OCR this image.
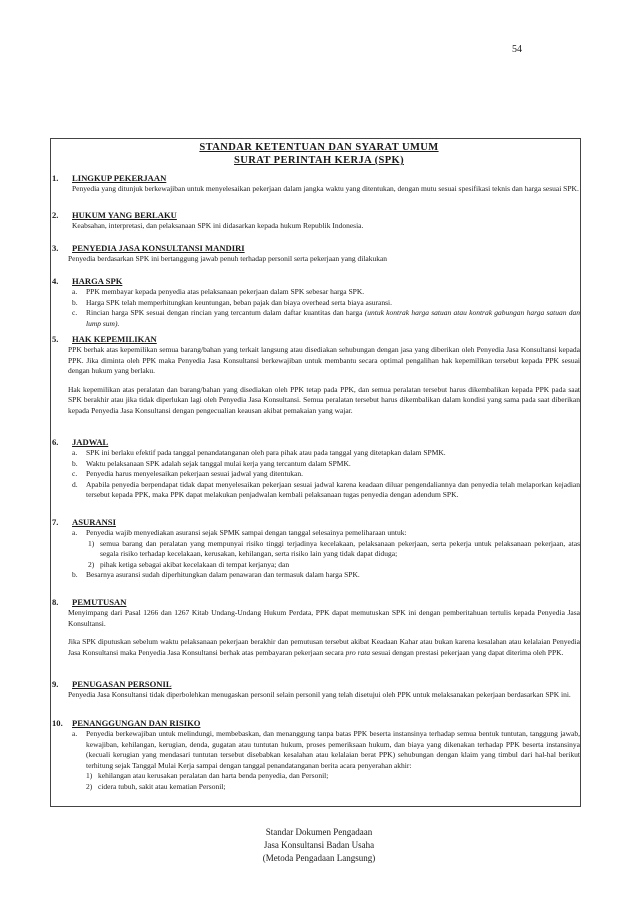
54
STANDAR KETENTUAN DAN SYARAT UMUM
SURAT PERINTAH KERJA (SPK)
1. LINGKUP PEKERJAAN
Penyedia yang ditunjuk berkewajiban untuk menyelesaikan pekerjaan dalam jangka waktu yang ditentukan, dengan mutu sesuai spesifikasi teknis dan harga sesuai SPK.
2. HUKUM YANG BERLAKU
Keabsahan, interpretasi, dan pelaksanaan SPK ini didasarkan kepada hukum Republik Indonesia.
3. PENYEDIA JASA KONSULTANSI MANDIRI
Penyedia berdasarkan SPK ini bertanggung jawab penuh terhadap personil serta pekerjaan yang dilakukan
4. HARGA SPK
a.	PPK membayar kepada penyedia atas pelaksanaan pekerjaan dalam SPK sebesar harga SPK.
b.	Harga SPK telah memperhitungkan keuntungan, beban pajak dan biaya overhead serta biaya asuransi.
c.	Rincian harga SPK sesuai dengan rincian yang tercantum dalam daftar kuantitas dan harga (untuk kontrak harga satuan atau kontrak gabungan harga satuan dan lump sum).
5. HAK KEPEMILIKAN
PPK berhak atas kepemilikan semua barang/bahan yang terkait langsung atau disediakan sehubungan dengan jasa yang diberikan oleh Penyedia Jasa Konsultansi kepada PPK. Jika diminta oleh PPK maka Penyedia Jasa Konsultansi berkewajiban untuk membantu secara optimal pengalihan hak kepemilikan tersebut kepada PPK sesuai dengan hukum yang berlaku.
Hak kepemilikan atas peralatan dan barang/bahan yang disediakan oleh PPK tetap pada PPK, dan semua peralatan tersebut harus dikembalikan kepada PPK pada saat SPK berakhir atau jika tidak diperlukan lagi oleh Penyedia Jasa Konsultansi. Semua peralatan tersebut harus dikembalikan dalam kondisi yang sama pada saat diberikan kepada Penyedia Jasa Konsultansi dengan pengecualian keausan akibat pemakaian yang wajar.
6. JADWAL
a.	SPK ini berlaku efektif pada tanggal penandatanganan oleh para pihak atau pada tanggal yang ditetapkan dalam SPMK.
b.	Waktu pelaksanaan SPK adalah sejak tanggal mulai kerja yang tercantum dalam SPMK.
c.	Penyedia harus menyelesaikan pekerjaan sesuai jadwal yang ditentukan.
d.	Apabila penyedia berpendapat tidak dapat menyelesaikan pekerjaan sesuai jadwal karena keadaan diluar pengendaliannya dan penyedia telah melaporkan kejadian tersebut kepada PPK, maka PPK dapat melakukan penjadwalan kembali pelaksanaan tugas penyedia dengan adendum SPK.
7. ASURANSI
a.	Penyedia wajib menyediakan asuransi sejak SPMK sampai dengan tanggal selesainya pemeliharaan untuk:
1) semua barang dan peralatan yang mempunyai risiko tinggi terjadinya kecelakaan, pelaksanaan pekerjaan, serta pekerja untuk pelaksanaan pekerjaan, atas segala risiko terhadap kecelakaan, kerusakan, kehilangan, serta risiko lain yang tidak dapat diduga;
2) pihak ketiga sebagai akibat kecelakaan di tempat kerjanya; dan
b.	Besarnya asuransi sudah diperhitungkan dalam penawaran dan termasuk dalam harga SPK.
8. PEMUTUSAN
Menyimpang dari Pasal 1266 dan 1267 Kitab Undang-Undang Hukum Perdata, PPK dapat memutuskan SPK ini dengan pemberitahuan tertulis kepada Penyedia Jasa Konsultansi.
Jika SPK diputuskan sebelum waktu pelaksanaan pekerjaan berakhir dan pemutusan tersebut akibat Keadaan Kahar atau bukan karena kesalahan atau kelalaian Penyedia Jasa Konsultansi maka Penyedia Jasa Konsultansi berhak atas pembayaran pekerjaan secara pro rata sesuai dengan prestasi pekerjaan yang dapat diterima oleh PPK.
9. PENUGASAN PERSONIL
Penyedia Jasa Konsultansi tidak diperbolehkan menugaskan personil selain personil yang telah disetujui oleh PPK untuk melaksanakan pekerjaan berdasarkan SPK ini.
10. PENANGGUNGAN DAN RISIKO
a.	Penyedia berkewajiban untuk melindungi, membebaskan, dan menanggung tanpa batas PPK beserta instansinya terhadap semua bentuk tuntutan, tanggung jawab, kewajiban, kehilangan, kerugian, denda, gugatan atau tuntutan hukum, proses pemeriksaan hukum, dan biaya yang dikenakan terhadap PPK beserta instansinya (kecuali kerugian yang mendasari tuntutan tersebut disebabkan kesalahan atau kelalaian berat PPK) sehubungan dengan klaim yang timbul dari hal-hal berikut terhitung sejak Tanggal Mulai Kerja sampai dengan tanggal penandatanganan berita acara penyerahan akhir:
1) kehilangan atau kerusakan peralatan dan harta benda penyedia, dan Personil;
2) cidera tubuh, sakit atau kematian Personil;
Standar Dokumen Pengadaan
Jasa Konsultansi Badan Usaha
(Metoda Pengadaan Langsung)
